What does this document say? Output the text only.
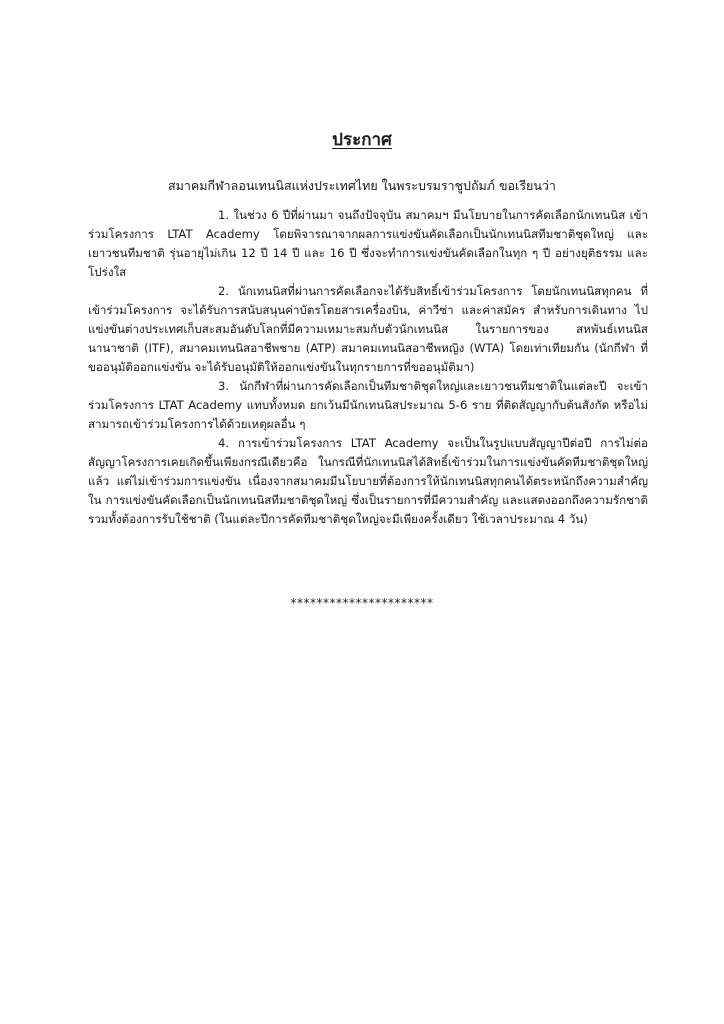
ประกาศ

สมาคมกีฬาลอนเทนนิสแห่งประเทศไทย ในพระบรมราชูปถัมภ์ ขอเรียนว่า

1. ในช่วง 6 ปีที่ผ่านมา จนถึงปัจจุบัน สมาคมฯ มีนโยบายในการคัดเลือกนักเทนนิส เข้าร่วมโครงการ LTAT Academy โดยพิจารณาจากผลการแข่งขันคัดเลือกเป็นนักเทนนิสทีมชาติชุดใหญ่ และเยาวชนทีมชาติ รุ่นอายุไม่เกิน 12 ปี 14 ปี และ 16 ปี ซึ่งจะทำการแข่งขันคัดเลือกในทุก ๆ ปี อย่างยุติธรรม และโปร่งใส

2. นักเทนนิสที่ผ่านการคัดเลือกจะได้รับสิทธิ์เข้าร่วมโครงการ โดยนักเทนนิสทุกคน ที่เข้าร่วมโครงการ จะได้รับการสนับสนุนค่าบัตรโดยสารเครื่องบิน, ค่าวีซ่า และค่าสมัคร สำหรับการเดินทาง ไปแข่งขันต่างประเทศเก็บสะสมอันดับโลกที่มีความเหมาะสมกับตัวนักเทนนิส ในรายการของ สหพันธ์เทนนิส นานาชาติ (ITF), สมาคมเทนนิสอาชีพชาย (ATP) สมาคมเทนนิสอาชีพหญิง (WTA) โดยเท่าเทียมกัน (นักกีฬา ที่ขออนุมัติออกแข่งขัน จะได้รับอนุมัติให้ออกแข่งขันในทุกรายการที่ขออนุมัติมา)

3. นักกีฬาที่ผ่านการคัดเลือกเป็นทีมชาติชุดใหญ่และเยาวชนทีมชาติในแต่ละปี จะเข้า ร่วมโครงการ LTAT Academy แทบทั้งหมด ยกเว้นมีนักเทนนิสประมาณ 5-6 ราย ที่ติดสัญญากับต้นสังกัด หรือไม่สามารถเข้าร่วมโครงการได้ด้วยเหตุผลอื่น ๆ

4. การเข้าร่วมโครงการ LTAT Academy จะเป็นในรูปแบบสัญญาปีต่อปี การไม่ต่อ สัญญาโครงการเคยเกิดขึ้นเพียงกรณีเดียวคือ ในกรณีที่นักเทนนิสได้สิทธิ์เข้าร่วมในการแข่งขันคัดทีมชาติชุดใหญ่ แล้ว แต่ไม่เข้าร่วมการแข่งขัน เนื่องจากสมาคมมีนโยบายที่ต้องการให้นักเทนนิสทุกคนได้ตระหนักถึงความสำคัญใน การแข่งขันคัดเลือกเป็นนักเทนนิสทีมชาติชุดใหญ่ ซึ่งเป็นรายการที่มีความสำคัญ และแสดงออกถึงความรักชาติ รวมทั้งต้องการรับใช้ชาติ (ในแต่ละปีการคัดทีมชาติชุดใหญ่จะมีเพียงครั้งเดียว ใช้เวลาประมาณ 4 วัน)

**********************
